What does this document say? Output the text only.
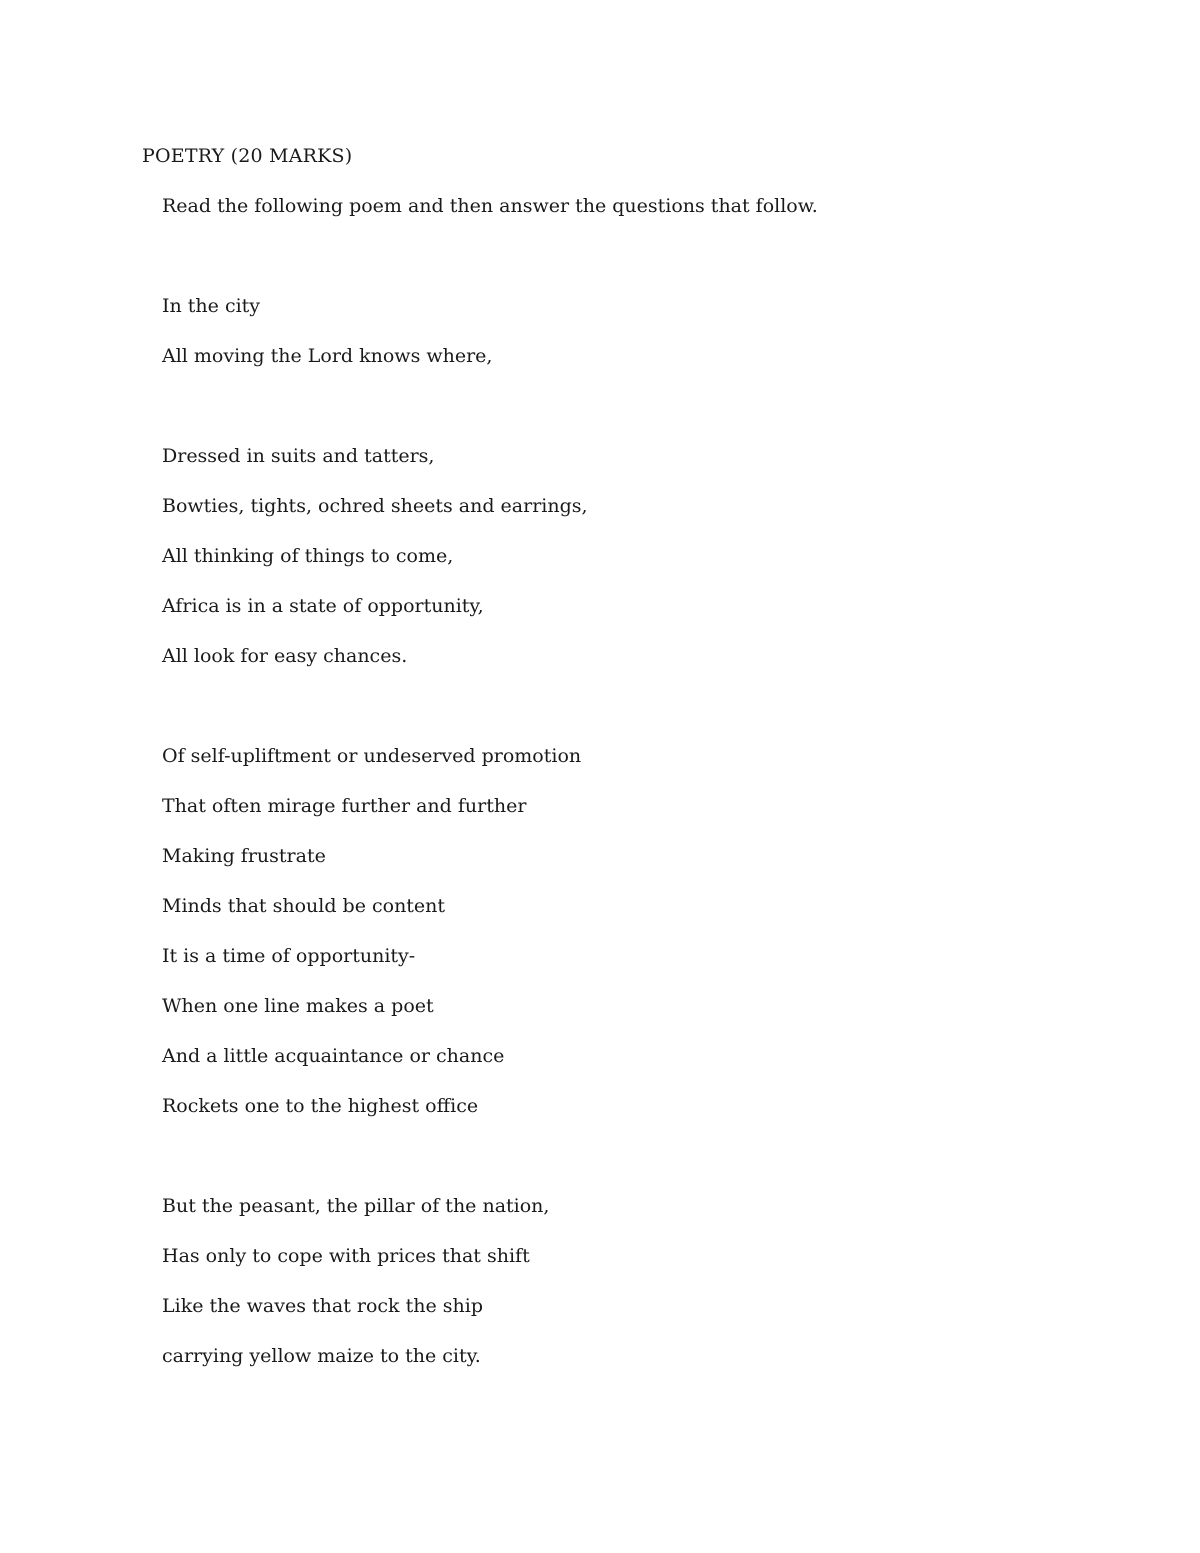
POETRY (20 MARKS)
Read the following poem and then answer the questions that follow.
In the city
All moving the Lord knows where,
Dressed in suits and tatters,
Bowties, tights, ochred sheets and earrings,
All thinking of things to come,
Africa is in a state of opportunity,
All look for easy chances.
Of self-upliftment or undeserved promotion
That often mirage further and further
Making frustrate
Minds that should be content
It is a time of opportunity-
When one line makes a poet
And a little acquaintance or chance
Rockets one to the highest office
But the peasant, the pillar of the nation,
Has only to cope with prices that shift
Like the waves that rock the ship
carrying yellow maize to the city.
